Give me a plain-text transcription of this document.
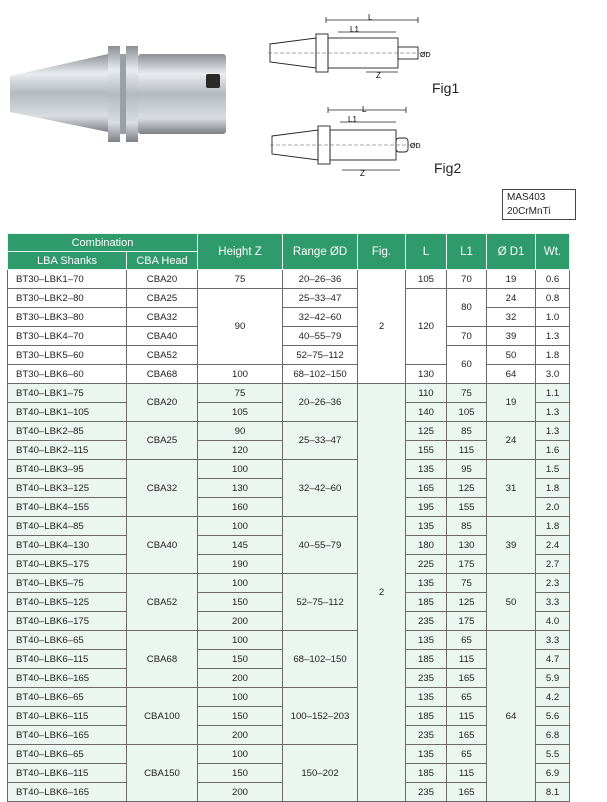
L
L1
Z
ØD
Fig1
L
L1
Z
ØD
Fig2
MAS403
20CrMnTi
Combination		Height Z	Range ØD	Fig.	L	L1	Ø D1	Wt.
LBA Shanks	CBA Head							
BT30–LBK1–70	CBA20	75	20–26–36	2	105	70	19	0.6
BT30–LBK2–80	CBA25	90	25–33–47		120	80	24	0.8
BT30–LBK3–80	CBA32		32–42–60				32	1.0
BT30–LBK4–70	CBA40		40–55–79			70	39	1.3
BT30–LBK5–60	CBA52		52–75–112			60	50	1.8
BT30–LBK6–60	CBA68	100	68–102–150		130		64	3.0
BT40–LBK1–75	CBA20	75	20–26–36	2	110	75	19	1.1
BT40–LBK1–105		105			140	105		1.3
BT40–LBK2–85	CBA25	90	25–33–47		125	85	24	1.3
BT40–LBK2–115		120			155	115		1.6
BT40–LBK3–95	CBA32	100	32–42–60		135	95	31	1.5
BT40–LBK3–125		130			165	125		1.8
BT40–LBK4–155		160			195	155		2.0
BT40–LBK4–85	CBA40	100	40–55–79		135	85	39	1.8
BT40–LBK4–130		145			180	130		2.4
BT40–LBK5–175		190			225	175		2.7
BT40–LBK5–75	CBA52	100	52–75–112		135	75	50	2.3
BT40–LBK5–125		150			185	125		3.3
BT40–LBK6–175		200			235	175		4.0
BT40–LBK6–65	CBA68	100	68–102–150		135	65	64	3.3
BT40–LBK6–115		150			185	115		4.7
BT40–LBK6–165		200			235	165		5.9
BT40–LBK6–65	CBA100	100	100–152–203		135	65		4.2
BT40–LBK6–115		150			185	115		5.6
BT40–LBK6–165		200			235	165		6.8
BT40–LBK6–65	CBA150	100	150–202		135	65		5.5
BT40–LBK6–115		150			185	115		6.9
BT40–LBK6–165		200			235	165		8.1
